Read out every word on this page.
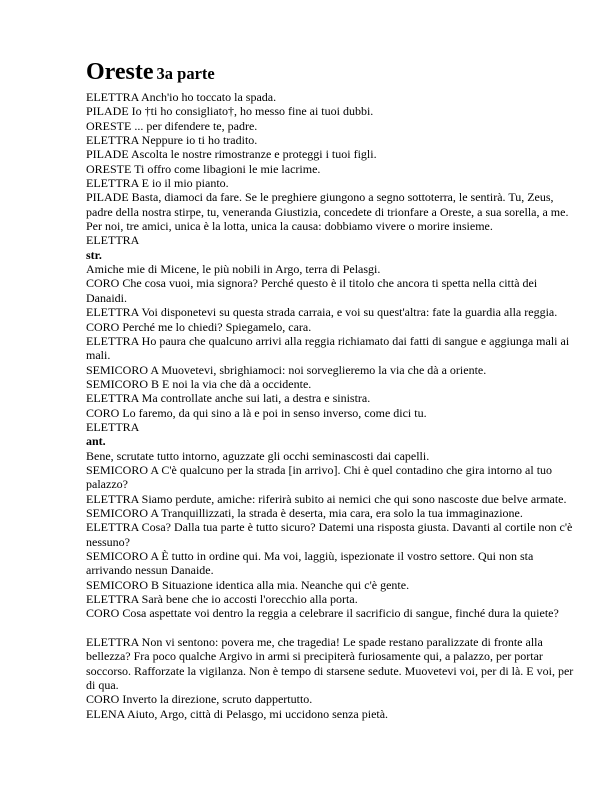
Oreste 3a parte

ELETTRA Anch'io ho toccato la spada.

PILADE Io †ti ho consigliato†, ho messo fine ai tuoi dubbi.

ORESTE ... per difendere te, padre.

ELETTRA Neppure io ti ho tradito.

PILADE Ascolta le nostre rimostranze e proteggi i tuoi figli.

ORESTE Ti offro come libagioni le mie lacrime.

ELETTRA E io il mio pianto.

PILADE Basta, diamoci da fare. Se le preghiere giungono a segno sottoterra, le sentirà. Tu, Zeus, padre della nostra stirpe, tu, veneranda Giustizia, concedete di trionfare a Oreste, a sua sorella, a me. Per noi, tre amici, unica è la lotta, unica la causa: dobbiamo vivere o morire insieme.

ELETTRA

str.

Amiche mie di Micene, le più nobili in Argo, terra di Pelasgi.

CORO Che cosa vuoi, mia signora? Perché questo è il titolo che ancora ti spetta nella città dei Danaidi.

ELETTRA Voi disponetevi su questa strada carraia, e voi su quest'altra: fate la guardia alla reggia.

CORO Perché me lo chiedi? Spiegamelo, cara.

ELETTRA Ho paura che qualcuno arrivi alla reggia richiamato dai fatti di sangue e aggiunga mali ai mali.

SEMICORO A Muovetevi, sbrighiamoci: noi sorveglieremo la via che dà a oriente.

SEMICORO B E noi la via che dà a occidente.

ELETTRA Ma controllate anche sui lati, a destra e sinistra.

CORO Lo faremo, da qui sino a là e poi in senso inverso, come dici tu.

ELETTRA

ant.

Bene, scrutate tutto intorno, aguzzate gli occhi seminascosti dai capelli.

SEMICORO A C'è qualcuno per la strada [in arrivo]. Chi è quel contadino che gira intorno al tuo palazzo?

ELETTRA Siamo perdute, amiche: riferirà subito ai nemici che qui sono nascoste due belve armate.

SEMICORO A Tranquillizzati, la strada è deserta, mia cara, era solo la tua immaginazione.

ELETTRA Cosa? Dalla tua parte è tutto sicuro? Datemi una risposta giusta. Davanti al cortile non c'è nessuno?

SEMICORO A È tutto in ordine qui. Ma voi, laggiù, ispezionate il vostro settore. Qui non sta arrivando nessun Danaide.

SEMICORO B Situazione identica alla mia. Neanche qui c'è gente.

ELETTRA Sarà bene che io accosti l'orecchio alla porta.

CORO Cosa aspettate voi dentro la reggia a celebrare il sacrificio di sangue, finché dura la quiete?

ELETTRA Non vi sentono: povera me, che tragedia! Le spade restano paralizzate di fronte alla bellezza? Fra poco qualche Argivo in armi si precipiterà furiosamente qui, a palazzo, per portar soccorso. Rafforzate la vigilanza. Non è tempo di starsene sedute. Muovetevi voi, per di là. E voi, per di qua.

CORO Inverto la direzione, scruto dappertutto.

ELENA Aiuto, Argo, città di Pelasgo, mi uccidono senza pietà.
